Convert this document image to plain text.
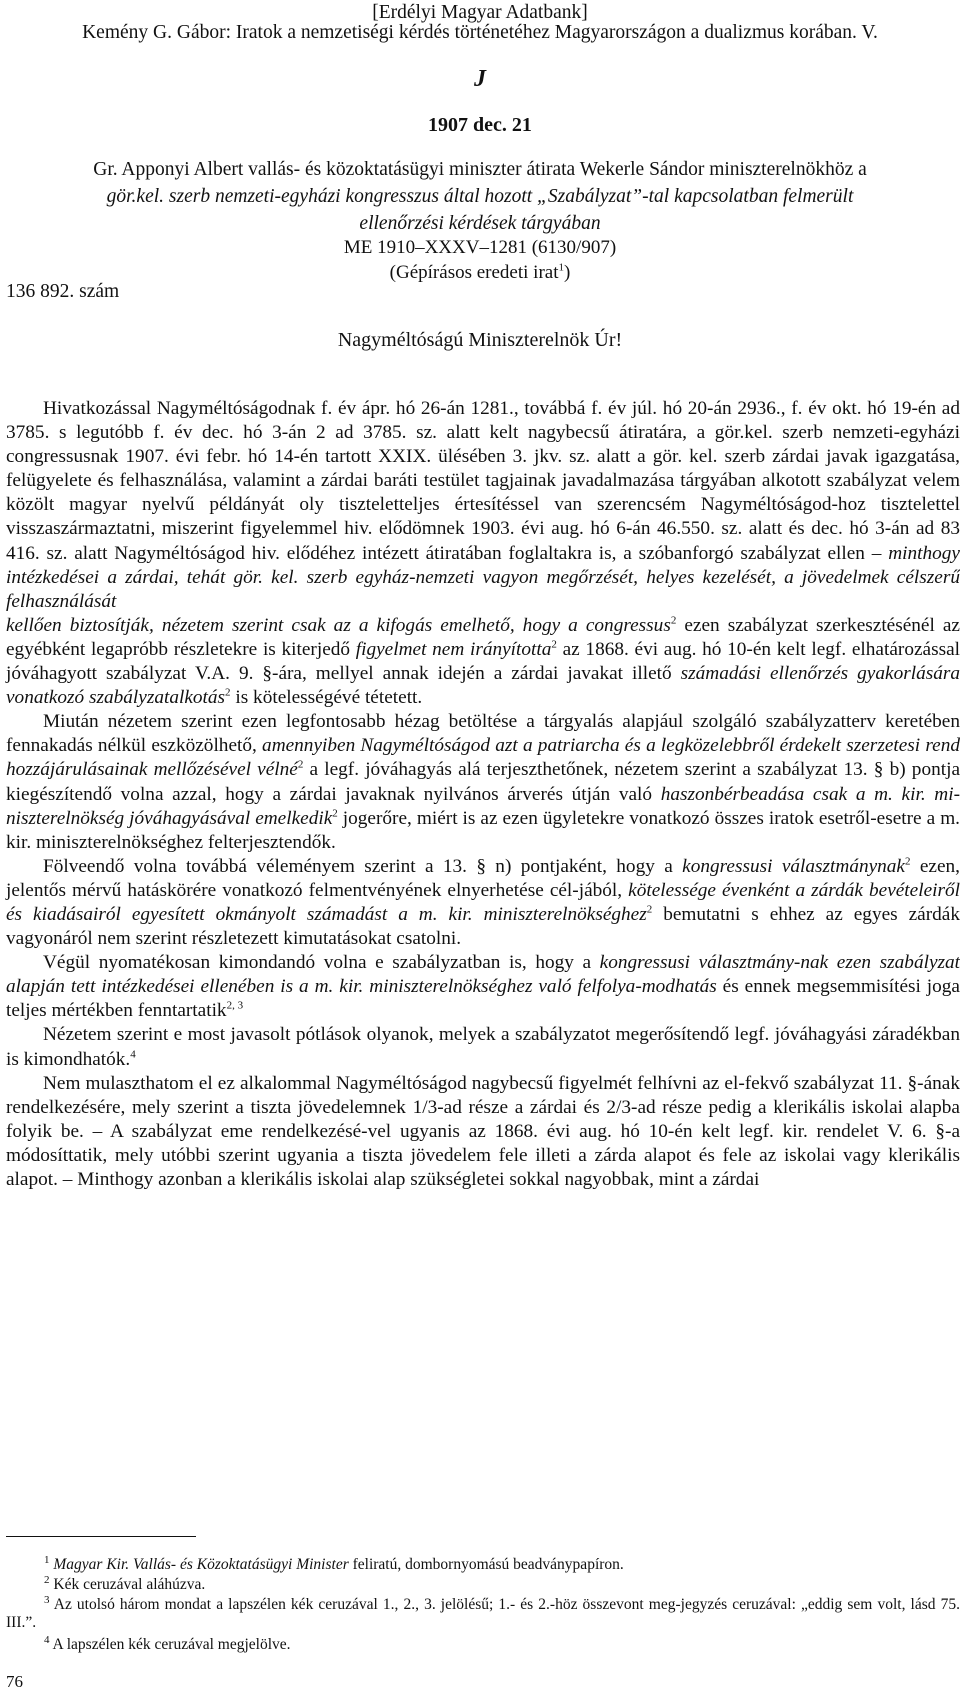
[Erdélyi Magyar Adatbank]
Kemény G. Gábor: Iratok a nemzetiségi kérdés történetéhez Magyarországon a dualizmus korában. V.
J
1907 dec. 21
Gr. Apponyi Albert vallás- és közoktatásügyi miniszter átirata Wekerle Sándor miniszterelnökhöz a
gör.kel. szerb nemzeti-egyházi kongresszus által hozott „Szabályzat”-tal kapcsolatban felmerült
ellenőrzési kérdések tárgyában
ME 1910–XXXV–1281 (6130/907)
(Gépírásos eredeti irat$^1$)
136 892. szám
Nagyméltóságú Miniszterelnök Úr!

Hivatkozással Nagyméltóságodnak f. év ápr. hó 26-án 1281., továbbá f. év júl. hó 20-án 2936., f. év okt. hó 19-én ad 3785. s legutóbb f. év dec. hó 3-án 2 ad 3785. sz. alatt kelt nagybecsű átiratára, a gör.kel. szerb nemzeti-egyházi congressusnak 1907. évi febr. hó 14-én tartott XXIX. ülésében 3. jkv. sz. alatt a gör. kel. szerb zárdai javak igazgatása, felügyelete és felhasználása, valamint a zárdai baráti testület tagjainak javadalmazása tárgyában alkotott szabályzat velem közölt magyar nyelvű példányát oly tiszteletteljes értesítéssel van szerencsém Nagyméltóságod-hoz tisztelettel visszaszármaztatni, miszerint figyelemmel hiv. elődömnek 1903. évi aug. hó 6-án 46.550. sz. alatt és dec. hó 3-án ad 83 416. sz. alatt Nagyméltóságod hiv. elődéhez intézett átiratában foglaltakra is, a szóbanforgó szabályzat ellen – minthogy intézkedései a zárdai, tehát gör. kel. szerb egyház-nemzeti vagyon megőrzését, helyes kezelését, a jövedelmek célszerű felhasználását
kellően biztosítják, nézetem szerint csak az a kifogás emelhető, hogy a congressus$^2$ ezen szabályzat szerkesztésénél az egyébként legapróbb részletekre is kiterjedő figyelmet nem irányította$^2$ az 1868. évi aug. hó 10-én kelt legf. elhatározással jóváhagyott szabályzat V.A. 9. §-ára, mellyel annak idején a zárdai javakat illető számadási ellenőrzés gyakorlására vonatkozó szabályzatalkotás$^2$ is kötelességévé tétetett.

Miután nézetem szerint ezen legfontosabb hézag betöltése a tárgyalás alapjául szolgáló szabályzatterv keretében fennakadás nélkül eszközölhető, amennyiben Nagyméltóságod azt a patriarcha és a legközelebbről érdekelt szerzetesi rend hozzájárulásainak mellőzésével vélné$^2$ a legf. jóváhagyás alá terjeszthetőnek, nézetem szerint a szabályzat 13. § b) pontja kiegészítendő volna azzal, hogy a zárdai javaknak nyilvános árverés útján való haszonbérbeadása csak a m. kir. mi-niszterelnökség jóváhagyásával emelkedik$^2$ jogerőre, miért is az ezen ügyletekre vonatkozó összes iratok esetről-esetre a m. kir. miniszterelnökséghez felterjesztendők.

Fölveendő volna továbbá véleményem szerint a 13. § n) pontjaként, hogy a kongressusi választmánynak$^2$ ezen, jelentős mérvű hatáskörére vonatkozó felmentvényének elnyerhetése cél-jából, kötelessége évenként a zárdák bevételeiről és kiadásairól egyesített okmányolt számadást a m. kir. miniszterelnökséghez$^2$ bemutatni s ehhez az egyes zárdák vagyonáról nem szerint részletezett kimutatásokat csatolni.

Végül nyomatékosan kimondandó volna e szabályzatban is, hogy a kongressusi választmány-nak ezen szabályzat alapján tett intézkedései ellenében is a m. kir. miniszterelnökséghez való felfolya-modhatás és ennek megsemmisítési joga teljes mértékben fenntartatik$^{2, 3}$

Nézetem szerint e most javasolt pótlások olyanok, melyek a szabályzatot megerősítendő legf. jóváhagyási záradékban is kimondhatók.$^4$

Nem mulaszthatom el ez alkalommal Nagyméltóságod nagybecsű figyelmét felhívni az el-fekvő szabályzat 11. §-ának rendelkezésére, mely szerint a tiszta jövedelemnek 1/3-ad része a zárdai és 2/3-ad része pedig a klerikális iskolai alapba folyik be. – A szabályzat eme rendelkezésé-vel ugyanis az 1868. évi aug. hó 10-én kelt legf. kir. rendelet V. 6. §-a módosíttatik, mely utóbbi szerint ugyania a tiszta jövedelem fele illeti a zárda alapot és fele az iskolai vagy klerikális alapot. – Minthogy azonban a klerikális iskolai alap szükségletei sokkal nagyobbak, mint a zárdai

$^1$ Magyar Kir. Vallás- és Közoktatásügyi Minister feliratú, dombornyomású beadványpapíron.
$^2$ Kék ceruzával aláhúzva.
$^3$ Az utolsó három mondat a lapszélen kék ceruzával 1., 2., 3. jelölésű; 1.- és 2.-höz összevont meg-jegyzés ceruzával: „eddig sem volt, lásd 75. III.”.
$^4$ A lapszélen kék ceruzával megjelölve.
76
